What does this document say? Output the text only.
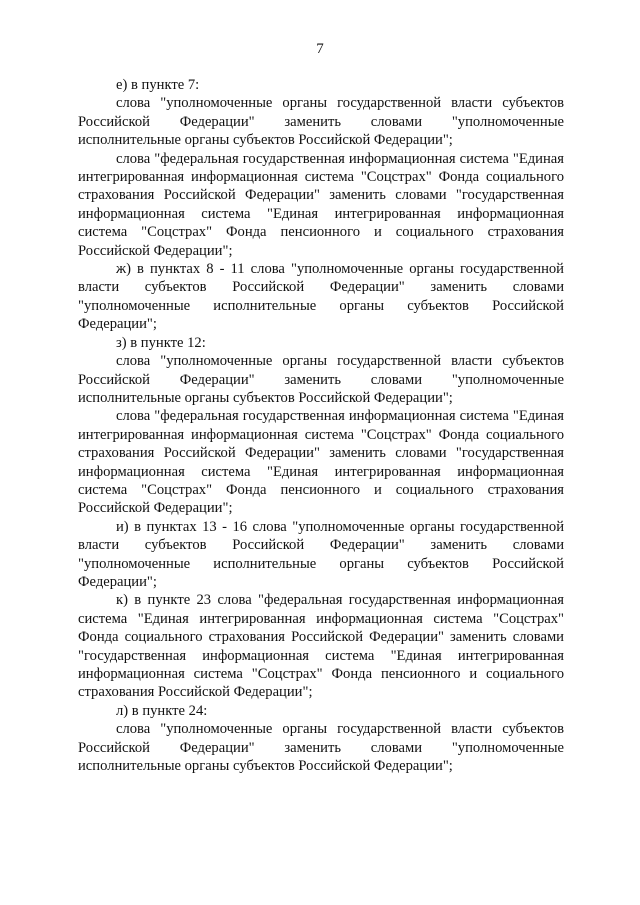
7

е) в пункте 7:

слова "уполномоченные органы государственной власти субъектов Российской Федерации" заменить словами "уполномоченные исполнительные органы субъектов Российской Федерации";

слова "федеральная государственная информационная система "Единая интегрированная информационная система "Соцстрах" Фонда социального страхования Российской Федерации" заменить словами "государственная информационная система "Единая интегрированная информационная система "Соцстрах" Фонда пенсионного и социального страхования Российской Федерации";

ж) в пунктах 8 - 11 слова "уполномоченные органы государственной власти субъектов Российской Федерации" заменить словами "уполномоченные исполнительные органы субъектов Российской Федерации";

з) в пункте 12:

слова "уполномоченные органы государственной власти субъектов Российской Федерации" заменить словами "уполномоченные исполнительные органы субъектов Российской Федерации";

слова "федеральная государственная информационная система "Единая интегрированная информационная система "Соцстрах" Фонда социального страхования Российской Федерации" заменить словами "государственная информационная система "Единая интегрированная информационная система "Соцстрах" Фонда пенсионного и социального страхования Российской Федерации";

и) в пунктах 13 - 16 слова "уполномоченные органы государственной власти субъектов Российской Федерации" заменить словами "уполномоченные исполнительные органы субъектов Российской Федерации";

к) в пункте 23 слова "федеральная государственная информационная система "Единая интегрированная информационная система "Соцстрах" Фонда социального страхования Российской Федерации" заменить словами "государственная информационная система "Единая интегрированная информационная система "Соцстрах" Фонда пенсионного и социального страхования Российской Федерации";

л) в пункте 24:

слова "уполномоченные органы государственной власти субъектов Российской Федерации" заменить словами "уполномоченные исполнительные органы субъектов Российской Федерации";
